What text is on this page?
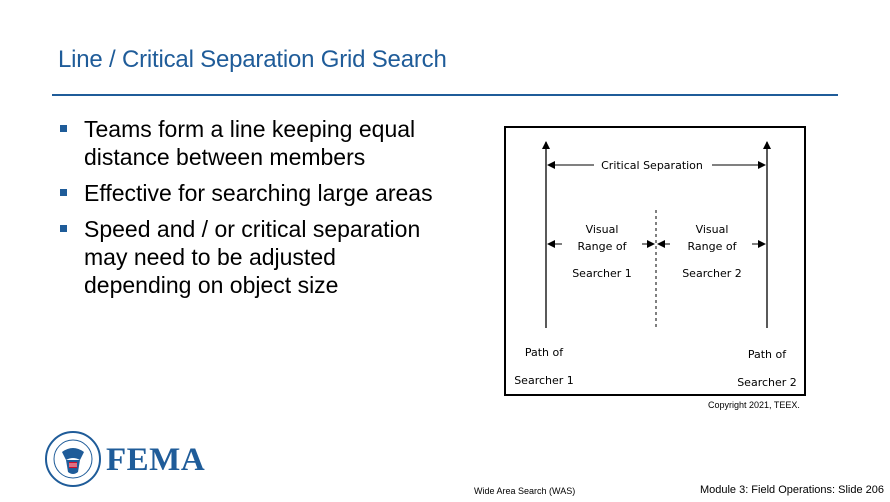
Line / Critical Separation Grid Search
Teams form a line keeping equal distance between members
Effective for searching large areas
Speed and / or critical separation may need to be adjusted depending on object size
Critical Separation
Visual
Range of
Searcher 1
Visual
Range of
Searcher 2
Path of
Searcher 1
Path of
Searcher 2
Copyright 2021, TEEX.
FEMA
Wide Area Search (WAS)	Module 3: Field Operations: Slide 206
